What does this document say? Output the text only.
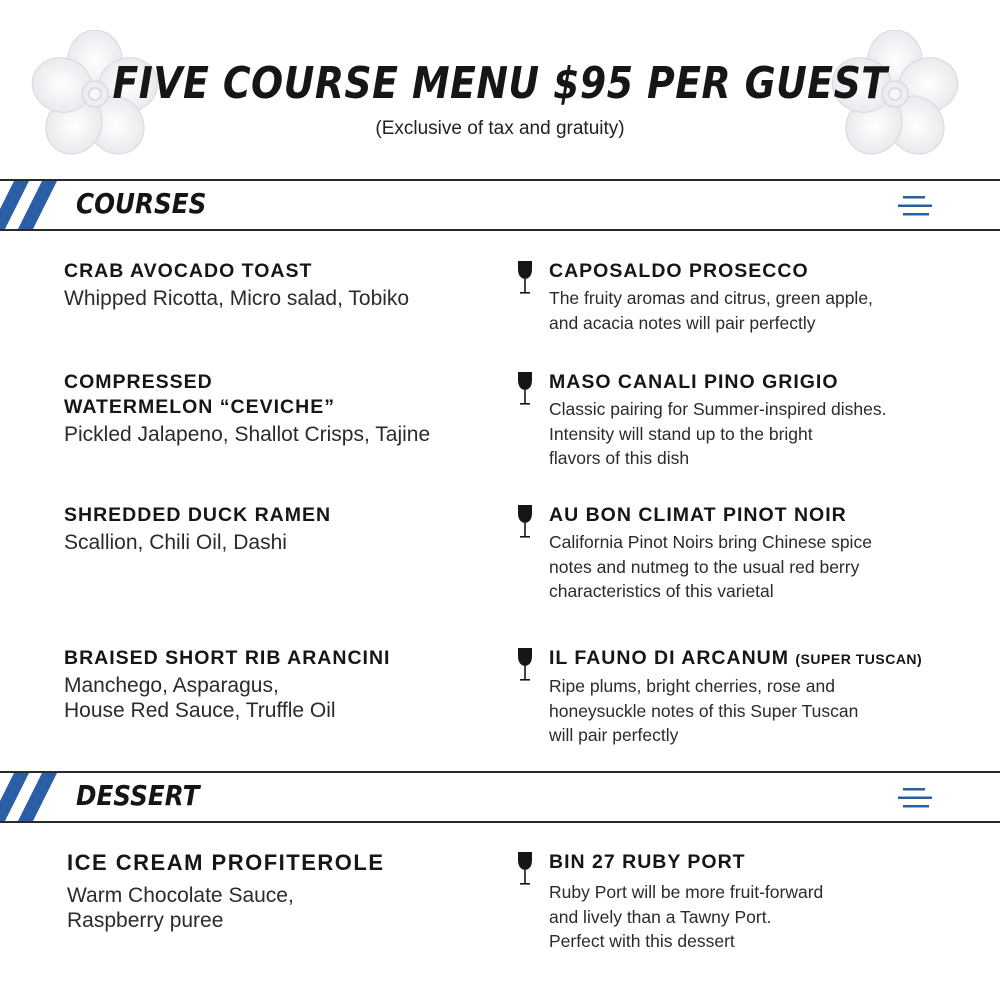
FIVE COURSE MENU $95 PER GUEST
(Exclusive of tax and gratuity)
COURSES
CRAB AVOCADO TOAST
Whipped Ricotta, Micro salad, Tobiko
CAPOSALDO PROSECCO
The fruity aromas and citrus, green apple,
and acacia notes will pair perfectly
COMPRESSED
WATERMELON “CEVICHE”
Pickled Jalapeno, Shallot Crisps, Tajine
MASO CANALI PINO GRIGIO
Classic pairing for Summer-inspired dishes.
Intensity will stand up to the bright
flavors of this dish
SHREDDED DUCK RAMEN
Scallion, Chili Oil, Dashi
AU BON CLIMAT PINOT NOIR
California Pinot Noirs bring Chinese spice
notes and nutmeg to the usual red berry
characteristics of this varietal
BRAISED SHORT RIB ARANCINI
Manchego, Asparagus,
House Red Sauce, Truffle Oil
IL FAUNO DI ARCANUM (SUPER TUSCAN)
Ripe plums, bright cherries, rose and
honeysuckle notes of this Super Tuscan
will pair perfectly
DESSERT
ICE CREAM PROFITEROLE
Warm Chocolate Sauce,
Raspberry puree
BIN 27 RUBY PORT
Ruby Port will be more fruit-forward
and lively than a Tawny Port.
Perfect with this dessert
